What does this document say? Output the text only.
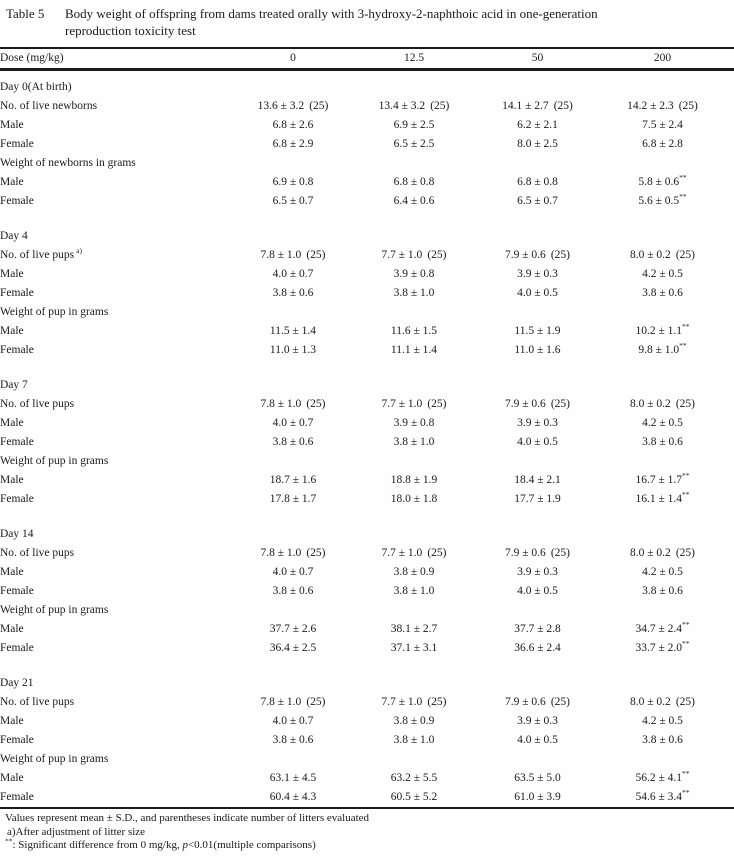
Table 5	Body weight of offspring from dams treated orally with 3-hydroxy-2-naphthoic acid in one-generation
reproduction toxicity test
Dose (mg/kg)	0	12.5	50	200	

Day 0(At birth)					
No. of live newborns	13.6 ± 3.2 (25)	13.4 ± 3.2 (25)	14.1 ± 2.7 (25)	14.2 ± 2.3 (25)	
Male	6.8 ± 2.6	6.9 ± 2.5	6.2 ± 2.1	7.5 ± 2.4	
Female	6.8 ± 2.9	6.5 ± 2.5	8.0 ± 2.5	6.8 ± 2.8	
Weight of newborns in grams					
Male	6.9 ± 0.8	6.8 ± 0.8	6.8 ± 0.8	5.8 ± 0.6**	
Female	6.5 ± 0.7	6.4 ± 0.6	6.5 ± 0.7	5.6 ± 0.5**	

Day 4					
No. of live pups $^{a)}$	7.8 ± 1.0 (25)	7.7 ± 1.0 (25)	7.9 ± 0.6 (25)	8.0 ± 0.2 (25)	
Male	4.0 ± 0.7	3.9 ± 0.8	3.9 ± 0.3	4.2 ± 0.5	
Female	3.8 ± 0.6	3.8 ± 1.0	4.0 ± 0.5	3.8 ± 0.6	
Weight of pup in grams					
Male	11.5 ± 1.4	11.6 ± 1.5	11.5 ± 1.9	10.2 ± 1.1**	
Female	11.0 ± 1.3	11.1 ± 1.4	11.0 ± 1.6	9.8 ± 1.0**	

Day 7					
No. of live pups	7.8 ± 1.0 (25)	7.7 ± 1.0 (25)	7.9 ± 0.6 (25)	8.0 ± 0.2 (25)	
Male	4.0 ± 0.7	3.9 ± 0.8	3.9 ± 0.3	4.2 ± 0.5	
Female	3.8 ± 0.6	3.8 ± 1.0	4.0 ± 0.5	3.8 ± 0.6	
Weight of pup in grams					
Male	18.7 ± 1.6	18.8 ± 1.9	18.4 ± 2.1	16.7 ± 1.7**	
Female	17.8 ± 1.7	18.0 ± 1.8	17.7 ± 1.9	16.1 ± 1.4**	

Day 14					
No. of live pups	7.8 ± 1.0 (25)	7.7 ± 1.0 (25)	7.9 ± 0.6 (25)	8.0 ± 0.2 (25)	
Male	4.0 ± 0.7	3.8 ± 0.9	3.9 ± 0.3	4.2 ± 0.5	
Female	3.8 ± 0.6	3.8 ± 1.0	4.0 ± 0.5	3.8 ± 0.6	
Weight of pup in grams					
Male	37.7 ± 2.6	38.1 ± 2.7	37.7 ± 2.8	34.7 ± 2.4**	
Female	36.4 ± 2.5	37.1 ± 3.1	36.6 ± 2.4	33.7 ± 2.0**	

Day 21					
No. of live pups	7.8 ± 1.0 (25)	7.7 ± 1.0 (25)	7.9 ± 0.6 (25)	8.0 ± 0.2 (25)	
Male	4.0 ± 0.7	3.8 ± 0.9	3.9 ± 0.3	4.2 ± 0.5	
Female	3.8 ± 0.6	3.8 ± 1.0	4.0 ± 0.5	3.8 ± 0.6	
Weight of pup in grams					
Male	63.1 ± 4.5	63.2 ± 5.5	63.5 ± 5.0	56.2 ± 4.1**	
Female	60.4 ± 4.3	60.5 ± 5.2	61.0 ± 3.9	54.6 ± 3.4**	
Values represent mean ± S.D., and parentheses indicate number of litters evaluated
a)After adjustment of litter size
**: Significant difference from 0 mg/kg, p<0.01(multiple comparisons)
